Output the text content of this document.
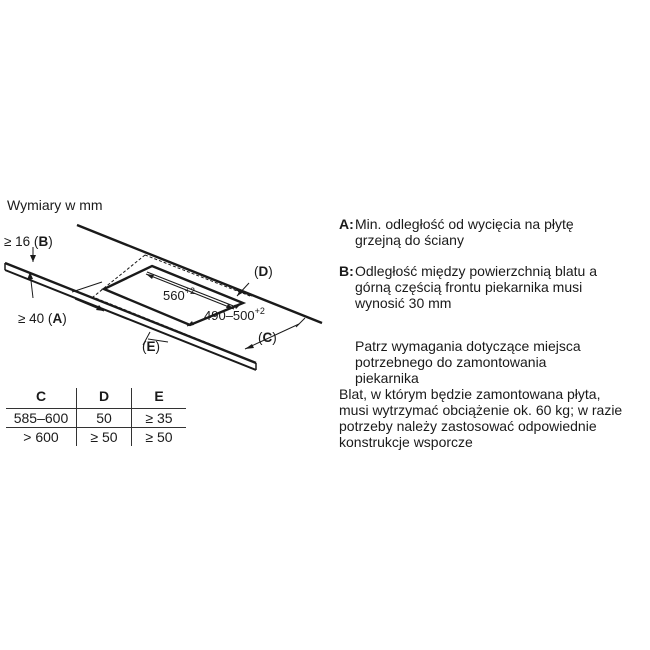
Wymiary w mm
≥ 16 (B)
≥ 40 (A)
(D)
(C)
(E)
$560^{+2}$
$490-500^{+2}$
C	D	E
585–600	50	≥ 35
> 600	≥ 50	≥ 50
A: Min. odległość od wycięcia na płytę
grzejną do ściany
B: Odległość między powierzchnią blatu a
górną częścią frontu piekarnika musi
wynosić 30 mm
Patrz wymagania dotyczące miejsca
potrzebnego do zamontowania
piekarnika
Blat, w którym będzie zamontowana płyta,
musi wytrzymać obciążenie ok. 60 kg; w razie
potrzeby należy zastosować odpowiednie
konstrukcje wsporcze
